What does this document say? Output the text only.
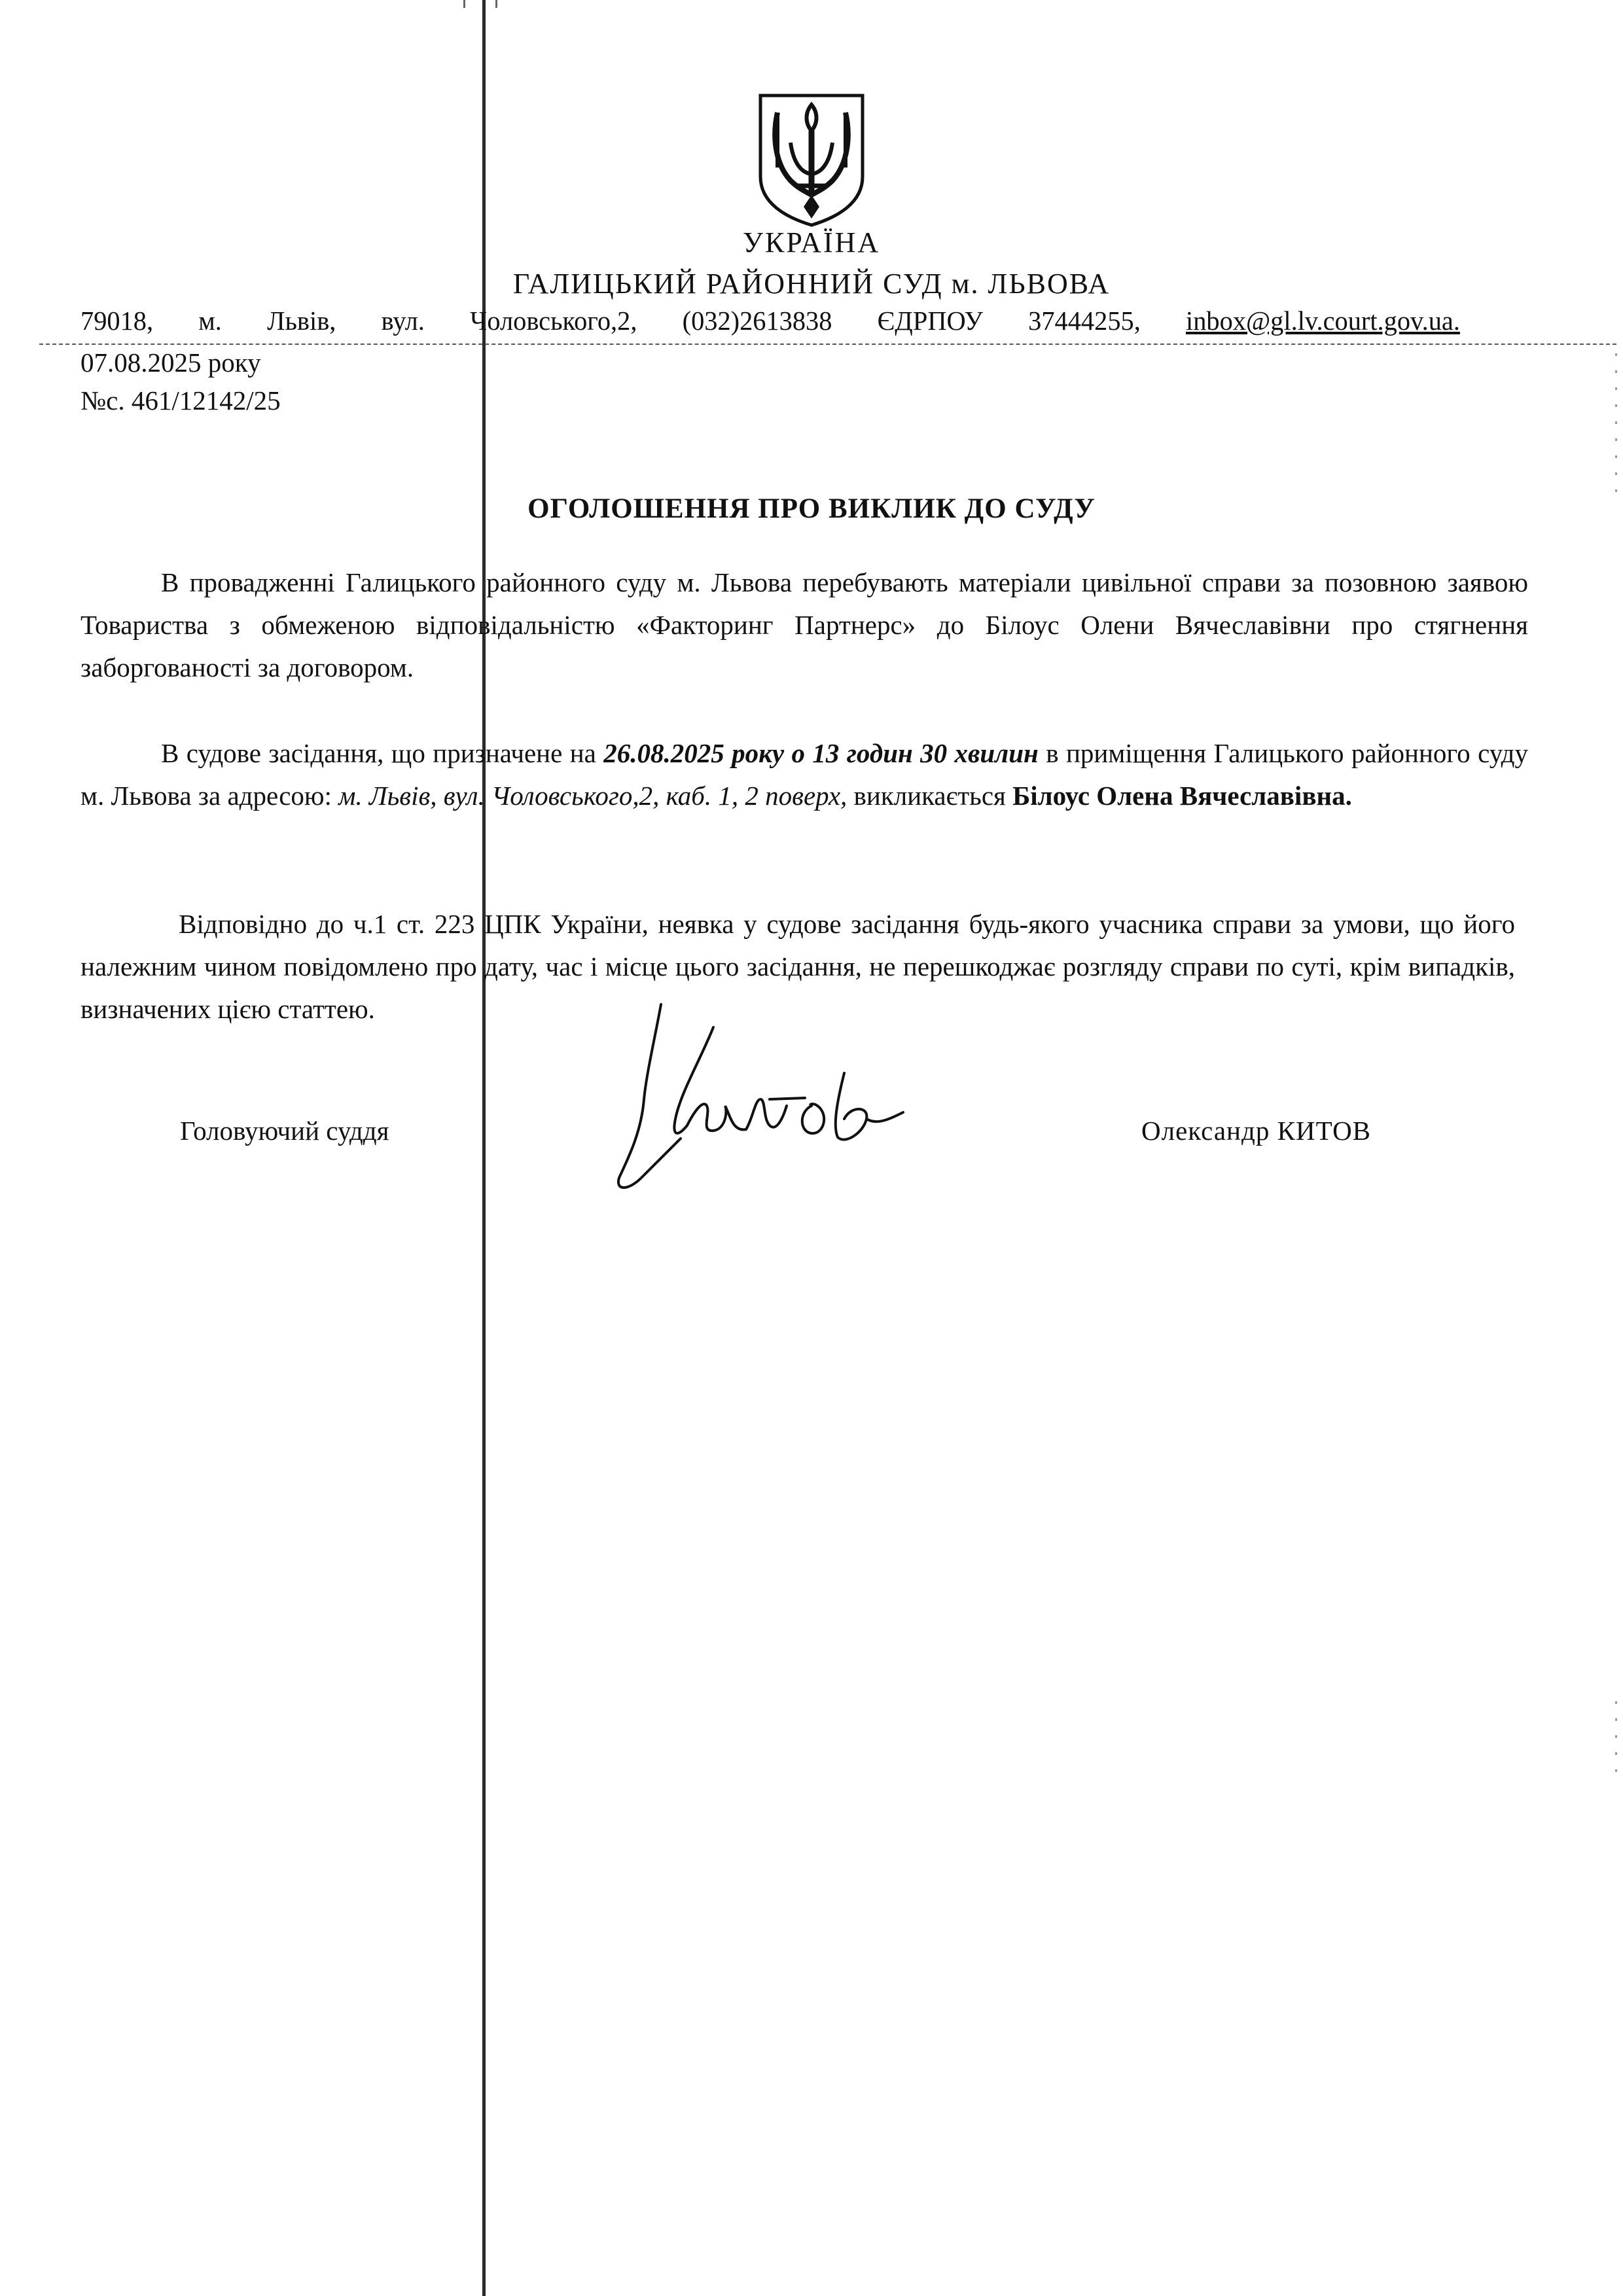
УКРАЇНА
ГАЛИЦЬКИЙ РАЙОННИЙ СУД м. ЛЬВОВА
79018, м. Львів, вул. Чоловського,2, (032)2613838 ЄДРПОУ 37444255, inbox@gl.lv.court.gov.ua.
07.08.2025 року
№с. 461/12142/25
ОГОЛОШЕННЯ ПРО ВИКЛИК ДО СУДУ

В провадженні Галицького районного суду м. Львова перебувають матеріали цивільної справи за позовною заявою Товариства з обмеженою відповідальністю «Факторинг Партнерс» до Білоус Олени Вячеславівни про стягнення заборгованості за договором.

В судове засідання, що призначене на 26.08.2025 року о 13 годин 30 хвилин в приміщення Галицького районного суду м. Львова за адресою: м. Львів, вул. Чоловського,2, каб. 1, 2 поверх, викликається Білоус Олена Вячеславівна.

Відповідно до ч.1 ст. 223 ЦПК України, неявка у судове засідання будь-якого учасника справи за умови, що його належним чином повідомлено про дату, час і місце цього засідання, не перешкоджає розгляду справи по суті, крім випадків, визначених цією статтею.

Головуючий суддя	Олександр КИТОВ
